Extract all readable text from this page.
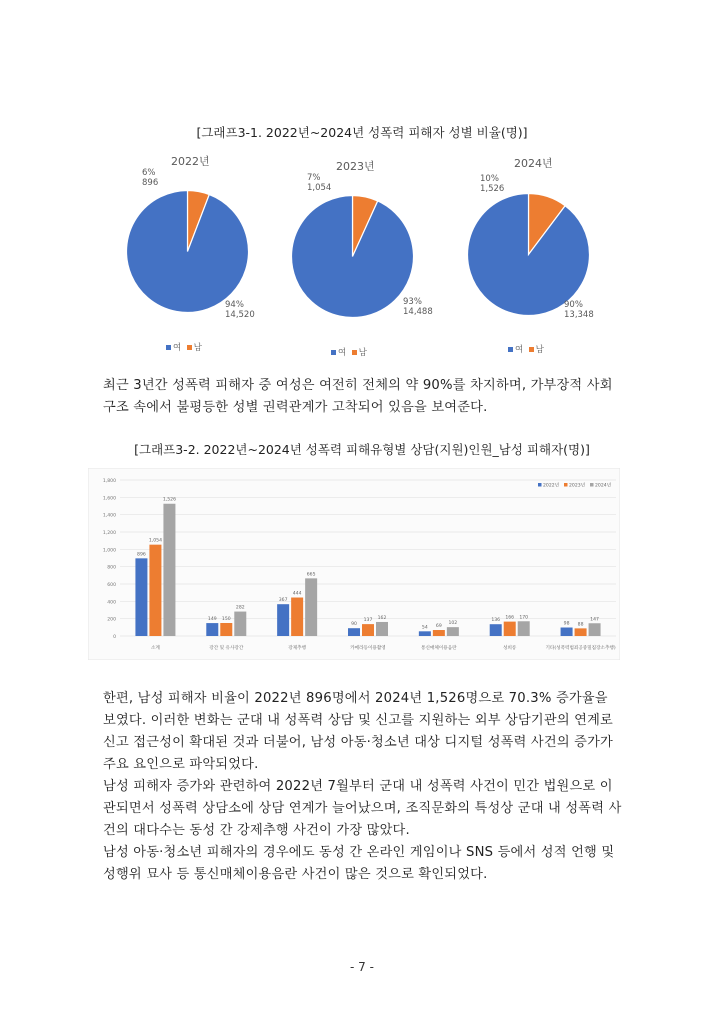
[그래프3-1. 2022년~2024년 성폭력 피해자 성별 비율(명)]
2022년
6%
896
94%
14,520
여 남
2023년
7%
1,054
93%
14,488
여 남
2024년
10%
1,526
90%
13,348
여 남

최근 3년간 성폭력 피해자 중 여성은 여전히 전체의 약 90%를 차지하며, 가부장적 사회 구조 속에서 불평등한 성별 권력관계가 고착되어 있음을 보여준다.

[그래프3-2. 2022년~2024년 성폭력 피해유형별 상담(지원)인원_남성 피해자(명)]
0
200
400
600
800
1,000
1,200
1,400
1,600
1,800
2022년 2023년 2024년
896
1,054
1,526
소계
149 150
282
강간 및 유사강간
367
444
665
강제추행
90
137 162
카메라등이용촬영
54 69
102
통신매체이용음란
136
166 170
성희롱
98 88
147
기타(성폭력범죄공중밀집장소추행)

한편, 남성 피해자 비율이 2022년 896명에서 2024년 1,526명으로 70.3% 증가율을 보였다. 이러한 변화는 군대 내 성폭력 상담 및 신고를 지원하는 외부 상담기관의 연계로 신고 접근성이 확대된 것과 더불어, 남성 아동·청소년 대상 디지털 성폭력 사건의 증가가 주요 요인으로 파악되었다.

남성 피해자 증가와 관련하여 2022년 7월부터 군대 내 성폭력 사건이 민간 법원으로 이관되면서 성폭력 상담소에 상담 연계가 늘어났으며, 조직문화의 특성상 군대 내 성폭력 사건의 대다수는 동성 간 강제추행 사건이 가장 많았다.

남성 아동·청소년 피해자의 경우에도 동성 간 온라인 게임이나 SNS 등에서 성적 언행 및 성행위 묘사 등 통신매체이용음란 사건이 많은 것으로 확인되었다.

- 7 -
